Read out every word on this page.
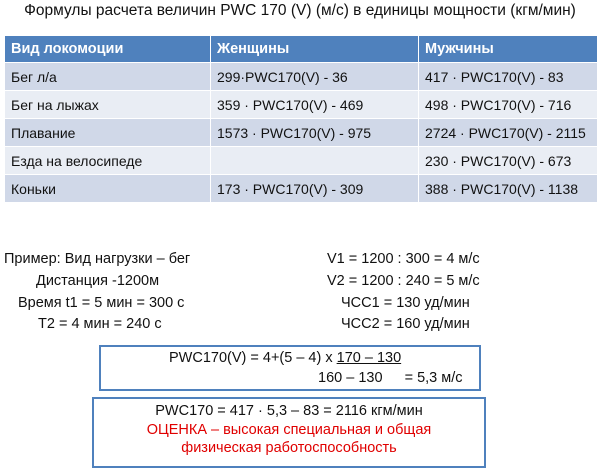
Формулы расчета величин PWC 170 (V) (м/с) в единицы мощности (кгм/мин)
Вид локомоции	Женщины	Мужчины
Бег л/а	299·PWC170(V) - 36	417 · PWC170(V) - 83
Бег на лыжах	359 · PWC170(V) - 469	498 · PWC170(V) - 716
Плавание	1573 · PWC170(V) - 975	2724 · PWC170(V) - 2115
Езда на велосипеде		230 · PWC170(V) - 673
Коньки	173 · PWC170(V) - 309	388 · PWC170(V) - 1138
Пример: Вид нагрузки – бег
Дистанция -1200м
Время t1 = 5 мин = 300 с
T2 = 4 мин = 240 с
V1 = 1200 : 300 = 4 м/с
V2 = 1200 : 240 = 5 м/с
ЧСС1 = 130 уд/мин
ЧСС2 = 160 уд/мин
PWC170(V) = 4+(5 – 4) x 170 – 130
160 – 130 = 5,3 м/с
PWC170 = 417 · 5,3 – 83 = 2116 кгм/мин
ОЦЕНКА – высокая специальная и общая
физическая работоспособность
